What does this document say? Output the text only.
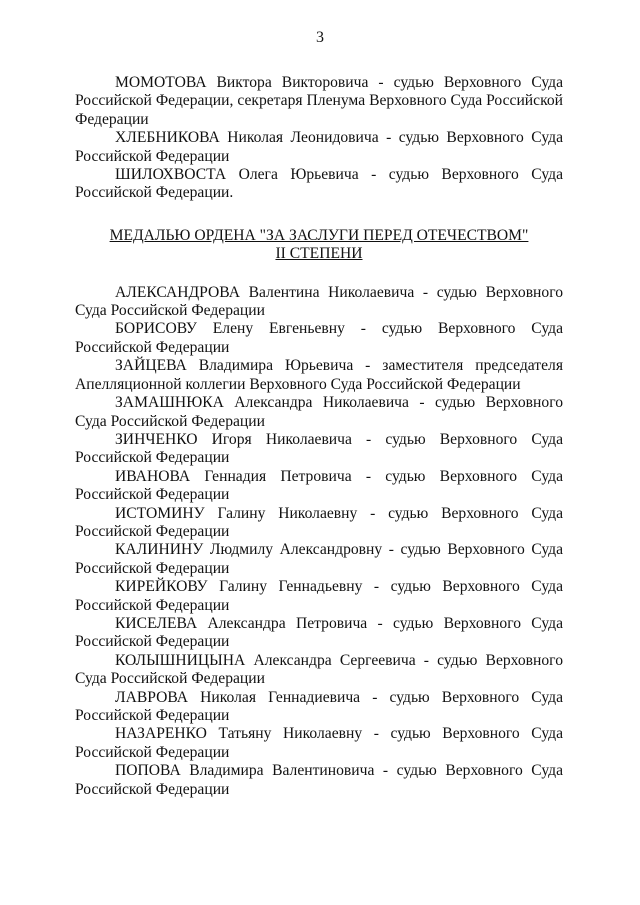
3

МОМОТОВА Виктора Викторовича - судью Верховного Суда Российской Федерации, секретаря Пленума Верховного Суда Российской Федерации

ХЛЕБНИКОВА Николая Леонидовича - судью Верховного Суда Российской Федерации

ШИЛОХВОСТА Олега Юрьевича - судью Верховного Суда Российской Федерации.

МЕДАЛЬЮ ОРДЕНА "ЗА ЗАСЛУГИ ПЕРЕД ОТЕЧЕСТВОМ"
II СТЕПЕНИ

АЛЕКСАНДРОВА Валентина Николаевича - судью Верховного Суда Российской Федерации

БОРИСОВУ Елену Евгеньевну - судью Верховного Суда Российской Федерации

ЗАЙЦЕВА Владимира Юрьевича - заместителя председателя Апелляционной коллегии Верховного Суда Российской Федерации

ЗАМАШНЮКА Александра Николаевича - судью Верховного Суда Российской Федерации

ЗИНЧЕНКО Игоря Николаевича - судью Верховного Суда Российской Федерации

ИВАНОВА Геннадия Петровича - судью Верховного Суда Российской Федерации

ИСТОМИНУ Галину Николаевну - судью Верховного Суда Российской Федерации

КАЛИНИНУ Людмилу Александровну - судью Верховного Суда Российской Федерации

КИРЕЙКОВУ Галину Геннадьевну - судью Верховного Суда Российской Федерации

КИСЕЛЕВА Александра Петровича - судью Верховного Суда Российской Федерации

КОЛЫШНИЦЫНА Александра Сергеевича - судью Верховного Суда Российской Федерации

ЛАВРОВА Николая Геннадиевича - судью Верховного Суда Российской Федерации

НАЗАРЕНКО Татьяну Николаевну - судью Верховного Суда Российской Федерации

ПОПОВА Владимира Валентиновича - судью Верховного Суда Российской Федерации
